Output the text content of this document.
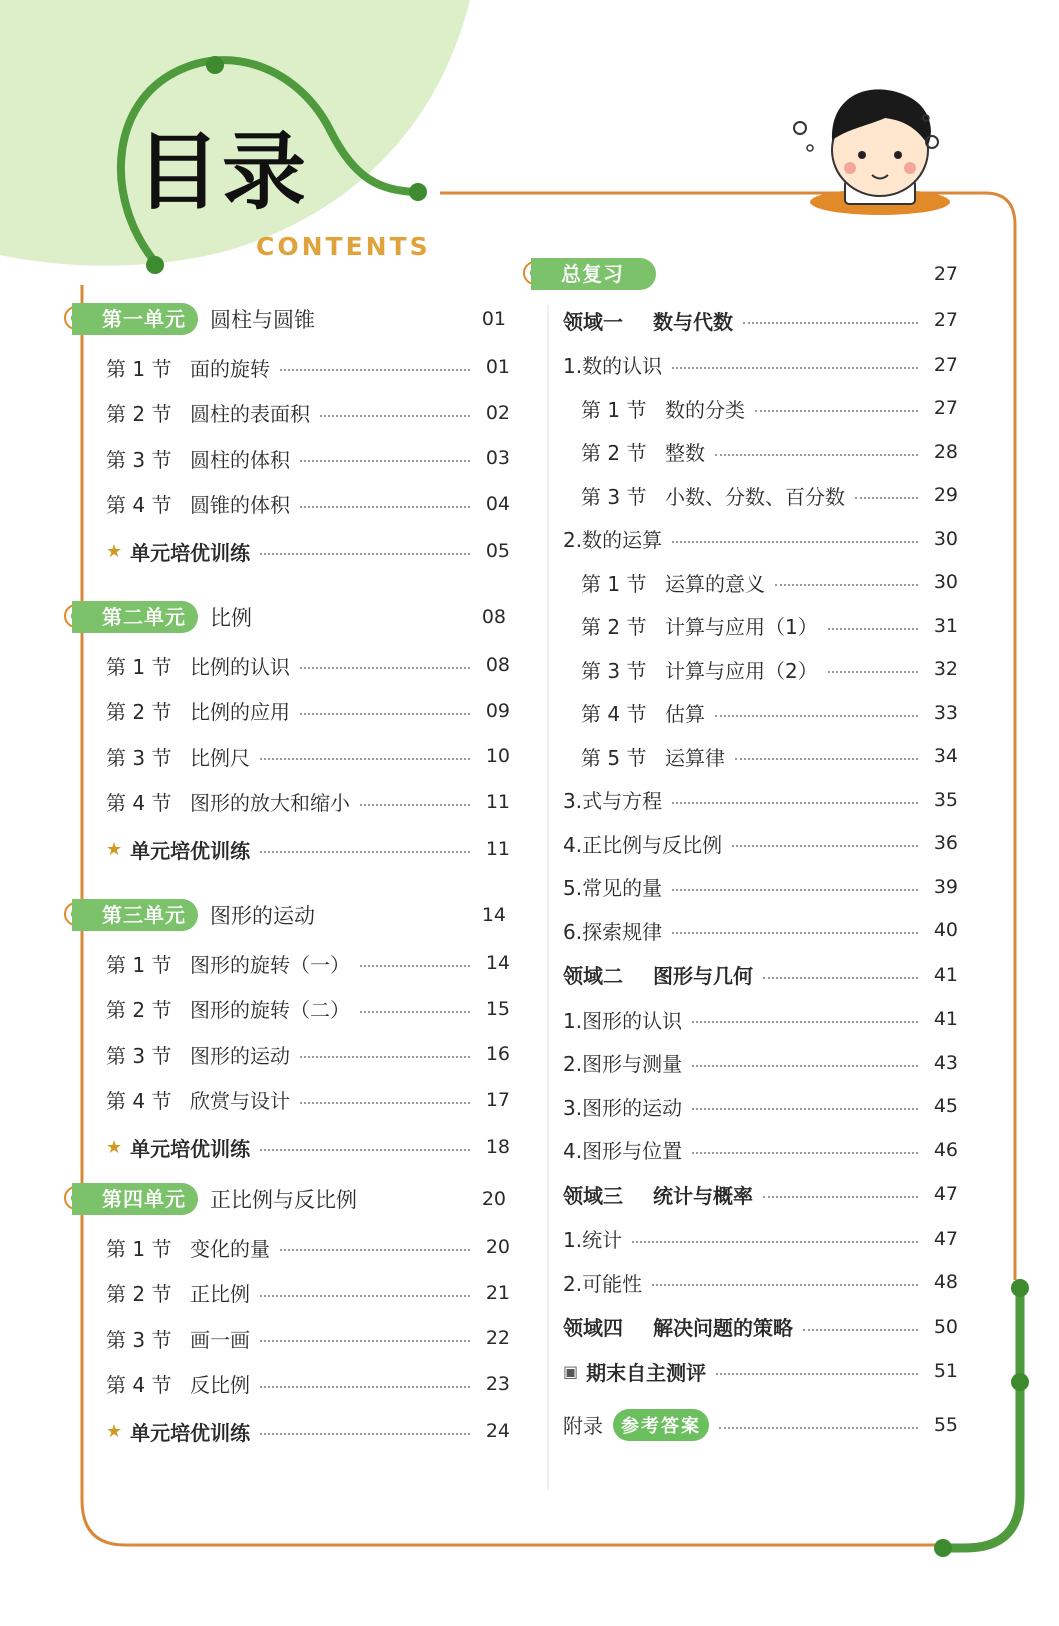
目录
CONTENTS
第一单元	圆柱与圆锥	01
第 1 节 面的旋转	01
第 2 节 圆柱的表面积	02
第 3 节 圆柱的体积	03
第 4 节 圆锥的体积	04
★ 单元培优训练	05
第二单元	比例	08
第 1 节 比例的认识	08
第 2 节 比例的应用	09
第 3 节 比例尺	10
第 4 节 图形的放大和缩小	11
★ 单元培优训练	11
第三单元	图形的运动	14
第 1 节 图形的旋转（一）	14
第 2 节 图形的旋转（二）	15
第 3 节 图形的运动	16
第 4 节 欣赏与设计	17
★ 单元培优训练	18
第四单元	正比例与反比例	20
第 1 节 变化的量	20
第 2 节 正比例	21
第 3 节 画一画	22
第 4 节 反比例	23
★ 单元培优训练	24
总复习	27
领域一	数与代数	27
1.数的认识	27
第 1 节 数的分类	27
第 2 节 整数	28
第 3 节 小数、分数、百分数	29
2.数的运算	30
第 1 节 运算的意义	30
第 2 节 计算与应用（1）	31
第 3 节 计算与应用（2）	32
第 4 节 估算	33
第 5 节 运算律	34
3.式与方程	35
4.正比例与反比例	36
5.常见的量	39
6.探索规律	40
领域二	图形与几何	41
1.图形的认识	41
2.图形与测量	43
3.图形的运动	45
4.图形与位置	46
领域三	统计与概率	47
1.统计	47
2.可能性	48
领域四	解决问题的策略	50
▣ 期末自主测评	51
附录	参考答案	55
